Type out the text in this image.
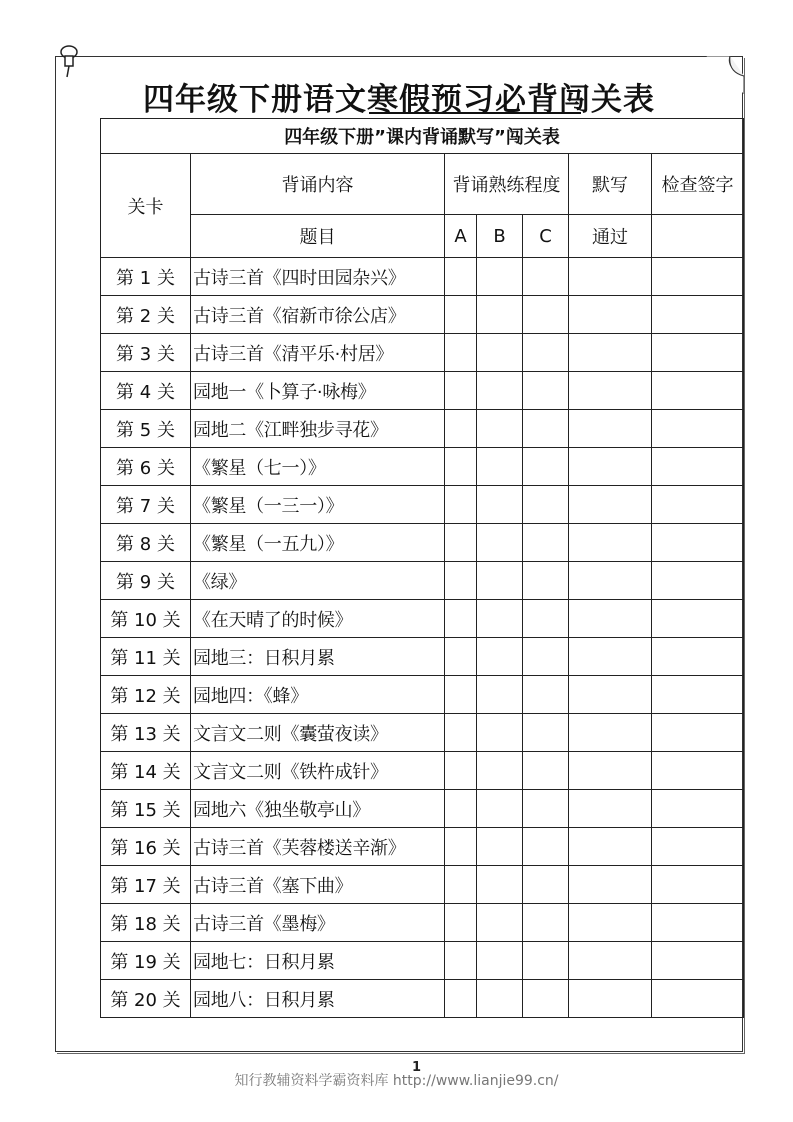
四年级下册语文寒假预习必背闯关表
四年级下册”课内背诵默写”闯关表						
关卡	背诵内容	背诵熟练程度			默写	检查签字
	题目	A	B	C	通过	
第 1 关	古诗三首《四时田园杂兴》					
第 2 关	古诗三首《宿新市徐公店》					
第 3 关	古诗三首《清平乐·村居》					
第 4 关	园地一《卜算子·咏梅》					
第 5 关	园地二《江畔独步寻花》					
第 6 关	《繁星（七一）》					
第 7 关	《繁星（一三一）》					
第 8 关	《繁星（一五九）》					
第 9 关	《绿》					
第 10 关	《在天晴了的时候》					
第 11 关	园地三：日积月累					
第 12 关	园地四：《蜂》					
第 13 关	文言文二则《囊萤夜读》					
第 14 关	文言文二则《铁杵成针》					
第 15 关	园地六《独坐敬亭山》					
第 16 关	古诗三首《芙蓉楼送辛渐》					
第 17 关	古诗三首《塞下曲》					
第 18 关	古诗三首《墨梅》					
第 19 关	园地七：日积月累					
第 20 关	园地八：日积月累					
1
知行教辅资料学霸资料库 http://www.lianjie99.cn/
